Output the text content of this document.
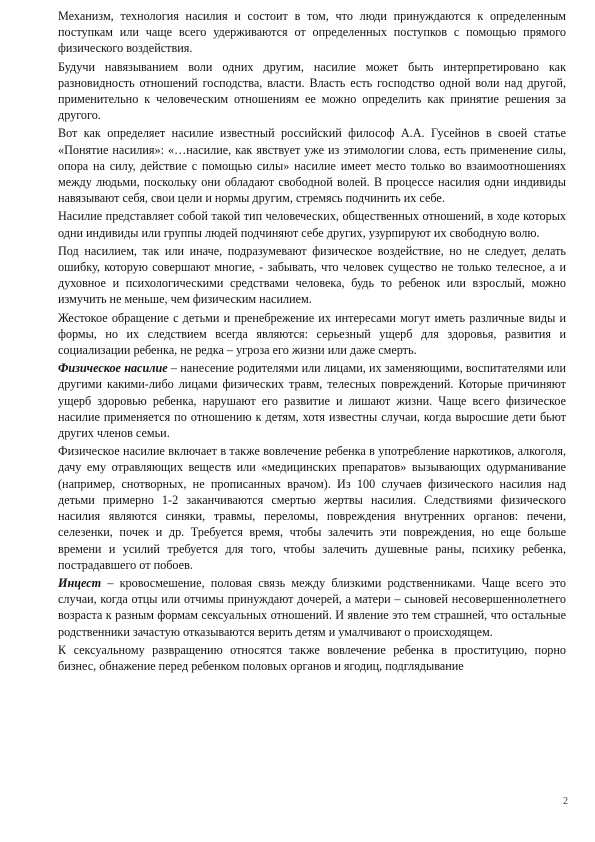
Механизм, технология насилия и состоит в том, что люди принуждаются к определенным поступкам или чаще всего удерживаются от определенных поступков с помощью прямого физического воздействия.

Будучи навязыванием воли одних другим, насилие может быть интерпретировано как разновидность отношений господства, власти. Власть есть господство одной воли над другой, применительно к человеческим отношениям ее можно определить как принятие решения за другого.

Вот как определяет насилие известный российский философ А.А. Гусейнов в своей статье «Понятие насилия»: «…насилие, как явствует уже из этимологии слова, есть применение силы, опора на силу, действие с помощью силы» насилие имеет место только во взаимоотношениях между людьми, поскольку они обладают свободной волей. В процессе насилия одни индивиды навязывают себя, свои цели и нормы другим, стремясь подчинить их себе.

Насилие представляет собой такой тип человеческих, общественных отношений, в ходе которых одни индивиды или группы людей подчиняют себе других, узурпируют их свободную волю.

Под насилием, так или иначе, подразумевают физическое воздействие, но не следует, делать ошибку, которую совершают многие, - забывать, что человек существо не только телесное, а и духовное и психологическими средствами человека, будь то ребенок или взрослый, можно измучить не меньше, чем физическим насилием.

Жестокое обращение с детьми и пренебрежение их интересами могут иметь различные виды и формы, но их следствием всегда являются: серьезный ущерб для здоровья, развития и социализации ребенка, не редка – угроза его жизни или даже смерть.

Физическое насилие – нанесение родителями или лицами, их заменяющими, воспитателями или другими какими-либо лицами физических травм, телесных повреждений. Которые причиняют ущерб здоровью ребенка, нарушают его развитие и лишают жизни. Чаще всего физическое насилие применяется по отношению к детям, хотя известны случаи, когда выросшие дети бьют других членов семьи.

Физическое насилие включает в также вовлечение ребенка в употребление наркотиков, алкоголя, дачу ему отравляющих веществ или «медицинских препаратов» вызывающих одурманивание (например, снотворных, не прописанных врачом). Из 100 случаев физического насилия над детьми примерно 1-2 заканчиваются смертью жертвы насилия. Следствиями физического насилия являются синяки, травмы, переломы, повреждения внутренних органов: печени, селезенки, почек и др. Требуется время, чтобы залечить эти повреждения, но еще больше времени и усилий требуется для того, чтобы залечить душевные раны, психику ребенка, пострадавшего от побоев.

Инцест – кровосмешение, половая связь между близкими родственниками. Чаще всего это случаи, когда отцы или отчимы принуждают дочерей, а матери – сыновей несовершеннолетнего возраста к разным формам сексуальных отношений. И явление это тем страшней, что остальные родственники зачастую отказываются верить детям и умалчивают о происходящем.

К сексуальному развращению относятся также вовлечение ребенка в проституцию, порно бизнес, обнажение перед ребенком половых органов и ягодиц, подглядывание

2
